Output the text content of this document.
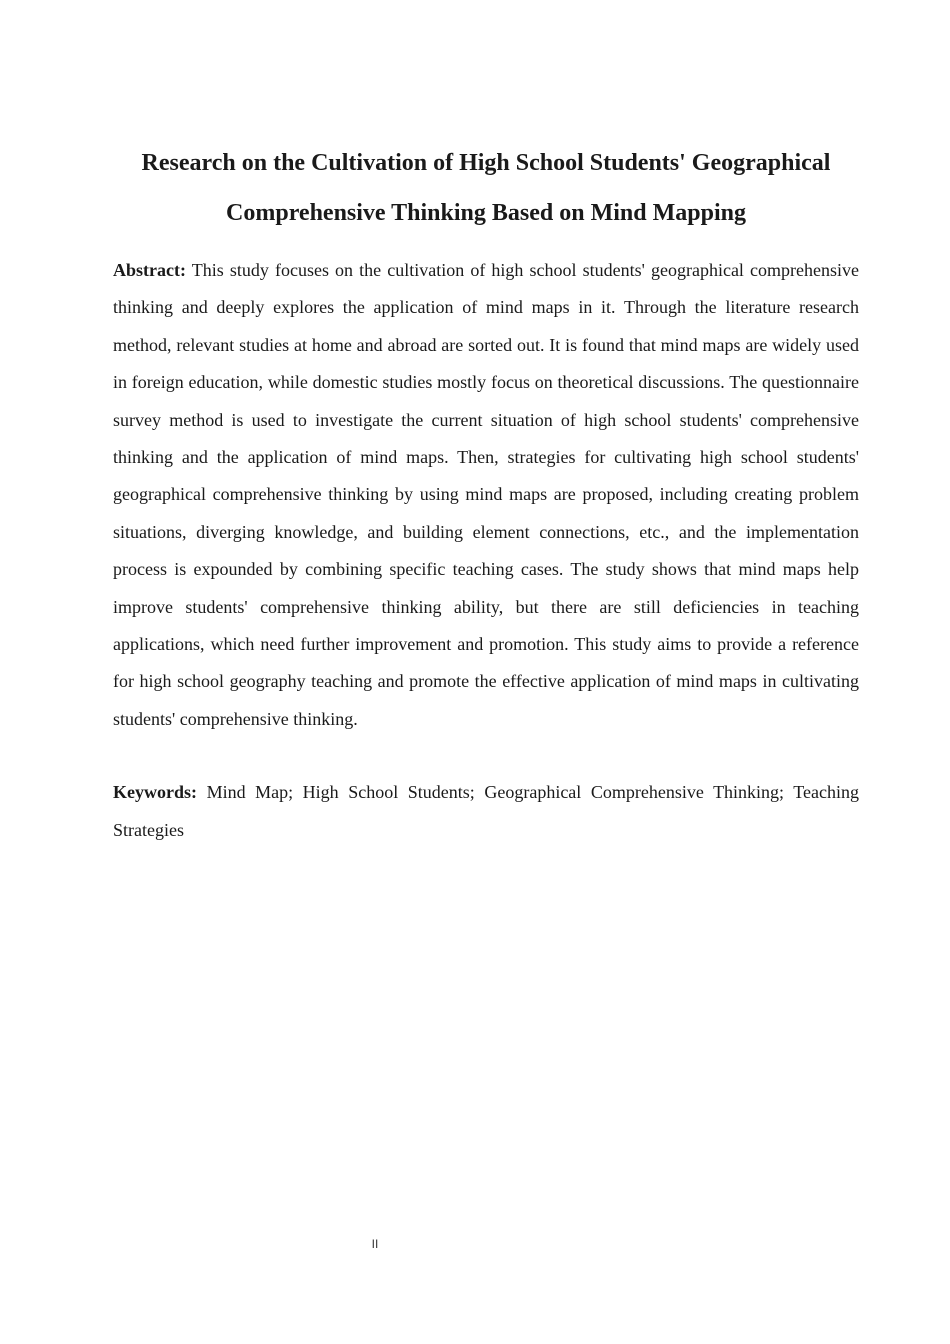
Research on the Cultivation of High School Students' Geographical
Comprehensive Thinking Based on Mind Mapping

Abstract: This study focuses on the cultivation of high school students' geographical comprehensive thinking and deeply explores the application of mind maps in it. Through the literature research method, relevant studies at home and abroad are sorted out. It is found that mind maps are widely used in foreign education, while domestic studies mostly focus on theoretical discussions. The questionnaire survey method is used to investigate the current situation of high school students' comprehensive thinking and the application of mind maps. Then, strategies for cultivating high school students' geographical comprehensive thinking by using mind maps are proposed, including creating problem situations, diverging knowledge, and building element connections, etc., and the implementation process is expounded by combining specific teaching cases. The study shows that mind maps help improve students' comprehensive thinking ability, but there are still deficiencies in teaching applications, which need further improvement and promotion. This study aims to provide a reference for high school geography teaching and promote the effective application of mind maps in cultivating students' comprehensive thinking.

Keywords: Mind Map; High School Students; Geographical Comprehensive Thinking; Teaching Strategies

II
